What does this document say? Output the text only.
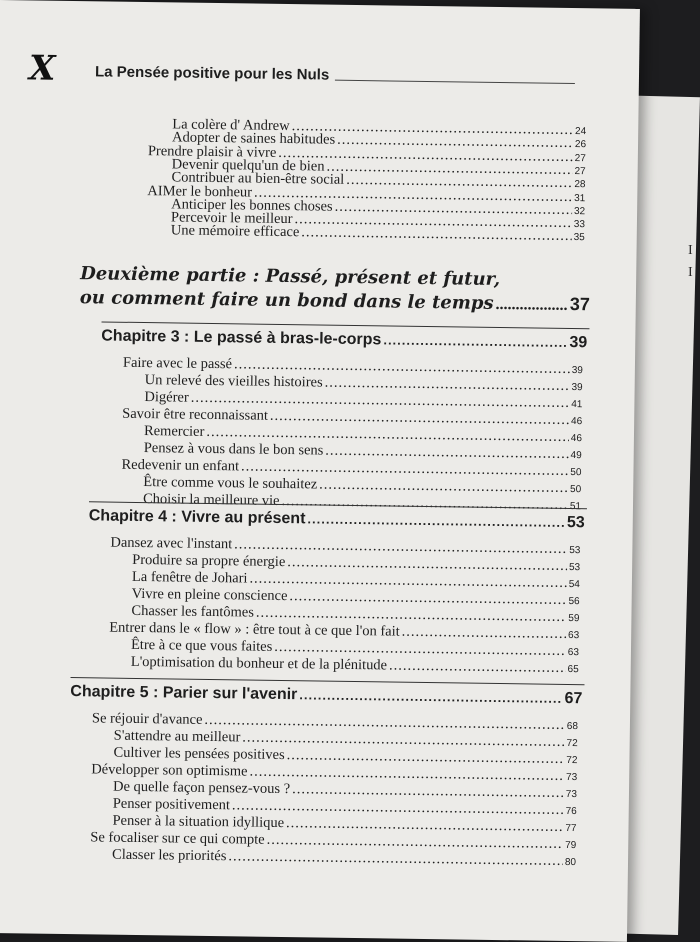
I
I
X	La Pensée positive pour les Nuls
La colère d' Andrew .....	24
Adopter de saines habitudes .....	26
Prendre plaisir à vivre .....	27
Devenir quelqu'un de bien .....	27
Contribuer au bien-être social .....	28
AIMer le bonheur .....	31
Anticiper les bonnes choses .....	32
Percevoir le meilleur .....	33
Une mémoire efficace .....	35
Deuxième partie : Passé, présent et futur,
ou comment faire un bond dans le temps .....	37
Chapitre 3 : Le passé à bras-le-corps .....	39
Faire avec le passé .....	39
Un relevé des vieilles histoires .....	39
Digérer .....	41
Savoir être reconnaissant .....	46
Remercier .....	46
Pensez à vous dans le bon sens .....	49
Redevenir un enfant .....	50
Être comme vous le souhaitez .....	50
Choisir la meilleure vie .....	51
Chapitre 4 : Vivre au présent .....	53
Dansez avec l'instant .....	53
Produire sa propre énergie .....	53
La fenêtre de Johari .....	54
Vivre en pleine conscience .....	56
Chasser les fantômes .....	59
Entrer dans le « flow » : être tout à ce que l'on fait .....	63
Être à ce que vous faites .....	63
L'optimisation du bonheur et de la plénitude .....	65
Chapitre 5 : Parier sur l'avenir .....	67
Se réjouir d'avance .....	68
S'attendre au meilleur .....	72
Cultiver les pensées positives .....	72
Développer son optimisme .....	73
De quelle façon pensez-vous ? .....	73
Penser positivement .....	76
Penser à la situation idyllique .....	77
Se focaliser sur ce qui compte .....	79
Classer les priorités .....	80
